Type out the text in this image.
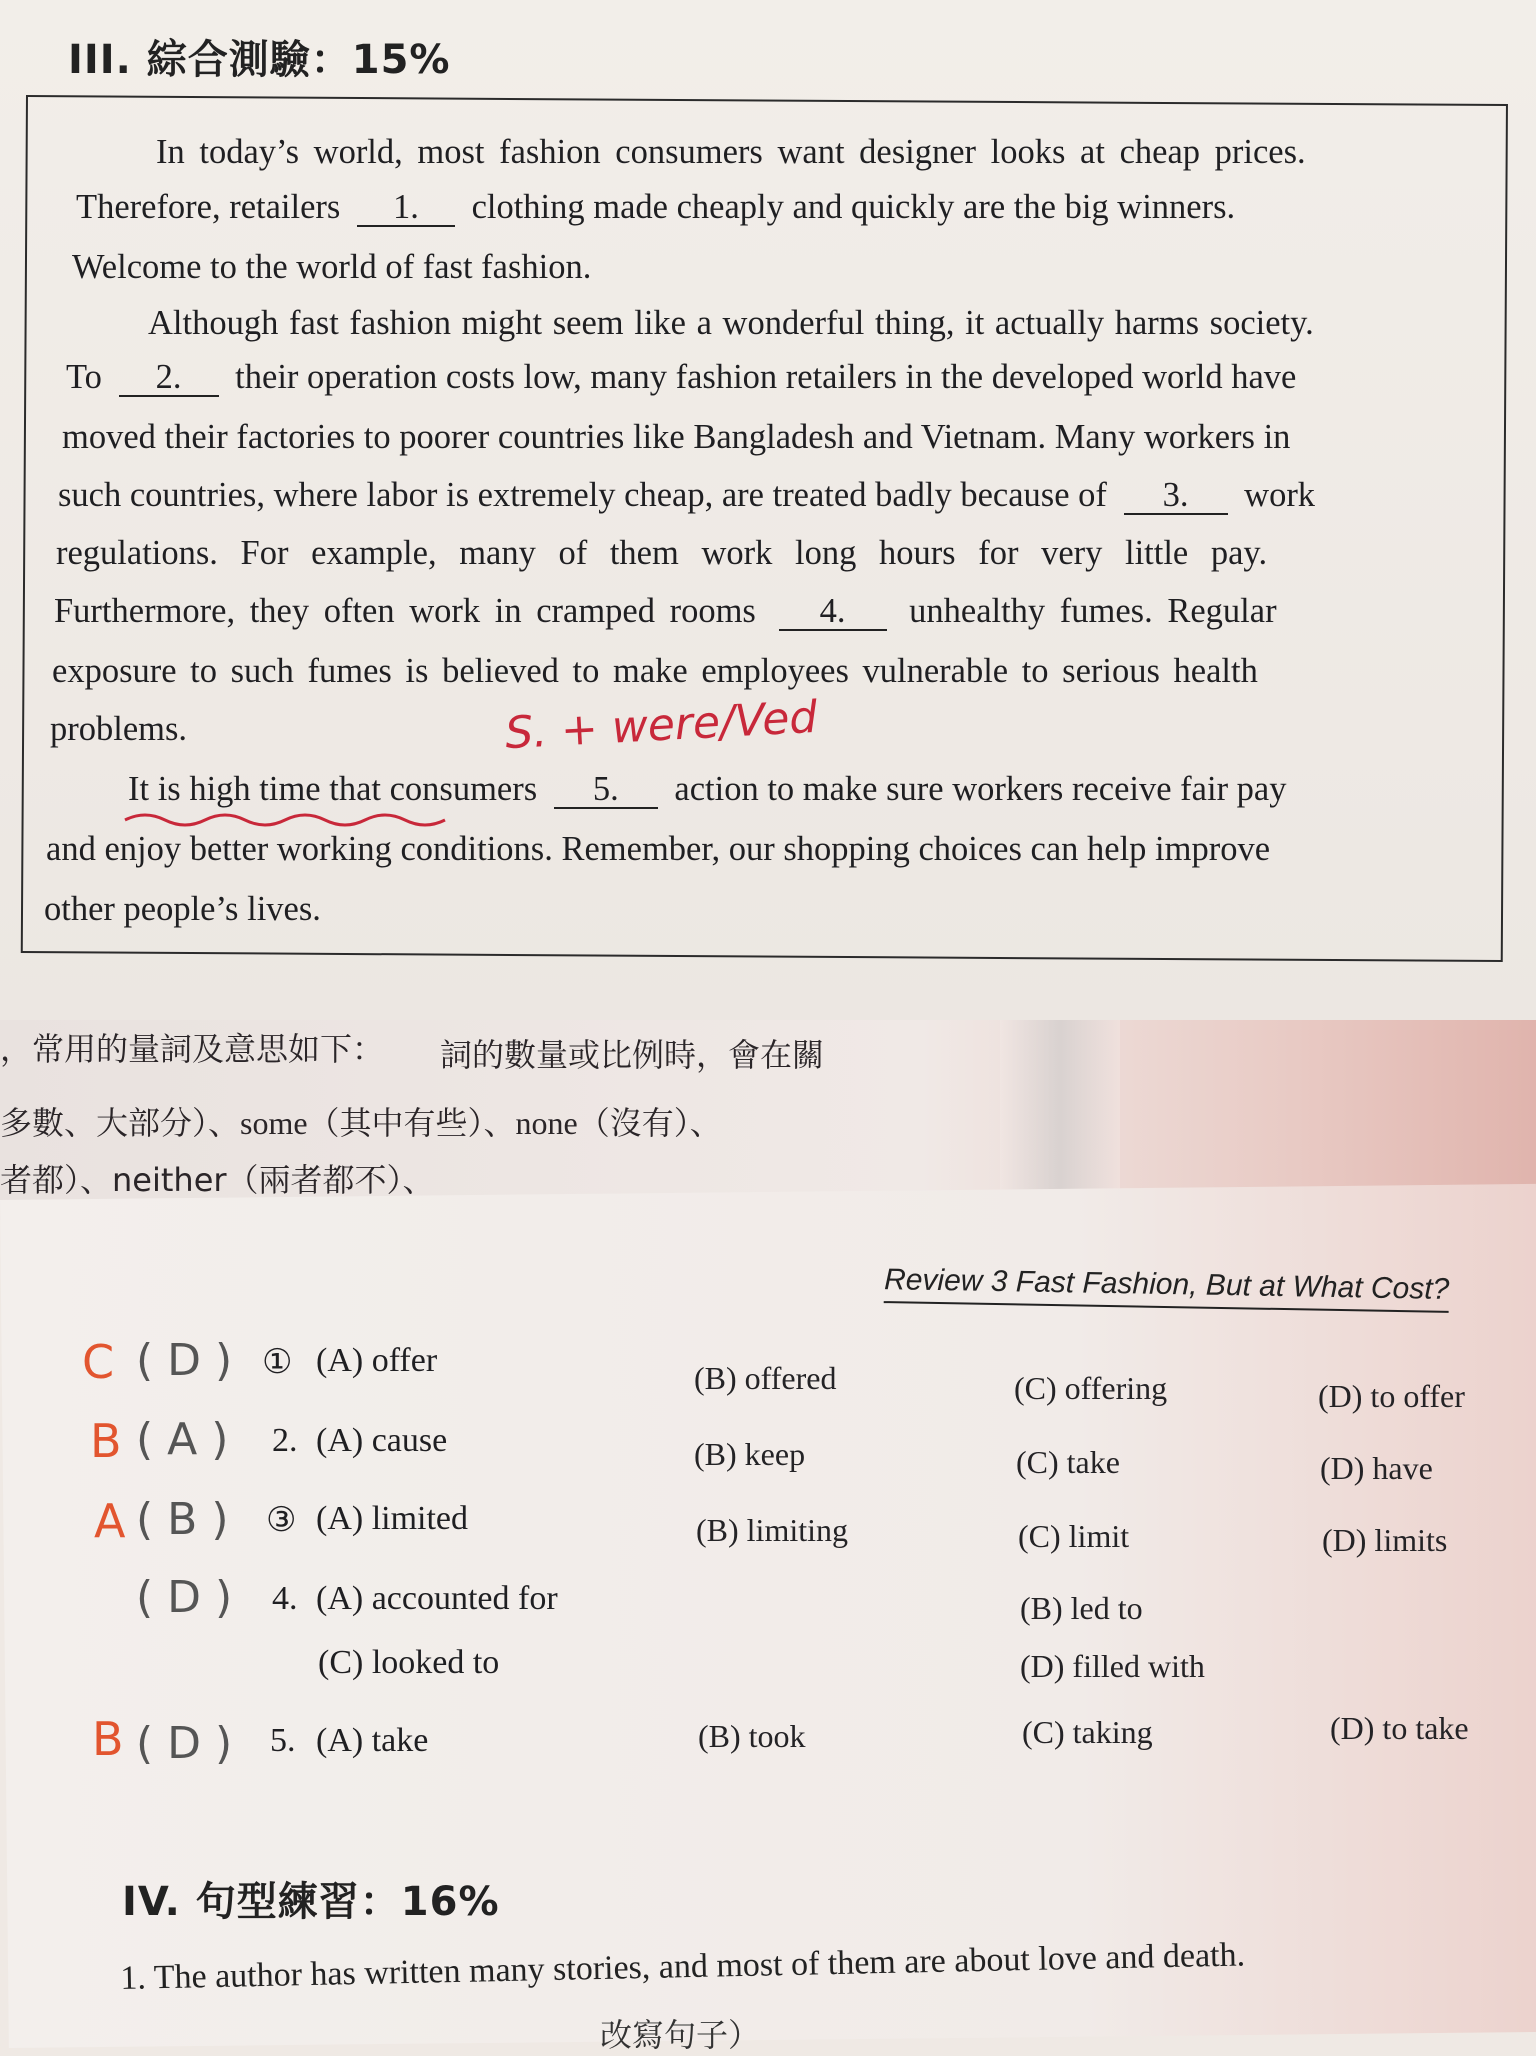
III. 綜合測驗：15%
In today’s world, most fashion consumers want designer looks at cheap prices.
Therefore, retailers 1. clothing made cheaply and quickly are the big winners.
Welcome to the world of fast fashion.
Although fast fashion might seem like a wonderful thing, it actually harms society.
To 2. their operation costs low, many fashion retailers in the developed world have
moved their factories to poorer countries like Bangladesh and Vietnam. Many workers in
such countries, where labor is extremely cheap, are treated badly because of 3. work
regulations. For example, many of them work long hours for very little pay.
Furthermore, they often work in cramped rooms 4. unhealthy fumes. Regular
exposure to such fumes is believed to make employees vulnerable to serious health
problems.	S. + were/Ved
It is high time that consumers 5. action to make sure workers receive fair pay
and enjoy better working conditions. Remember, our shopping choices can help improve
other people’s lives.
，常用的量詞及意思如下： 詞的數量或比例時，會在關
多數、大部分）、some（其中有些）、none（沒有）、
者都）、neither（兩者都不）、
Review 3 Fast Fashion, But at What Cost?
C ( D ) ① (A) offer	(B) offered	(C) offering	(D) to offer
B ( A ) 2. (A) cause	(B) keep	(C) take	(D) have
A ( B ) ③ (A) limited	(B) limiting	(C) limit	(D) limits
( D ) 4. (A) accounted for	(B) led to
(C) looked to	(D) filled with
B ( D ) 5. (A) take	(B) took	(C) taking	(D) to take
IV. 句型練習：16%
1. The author has written many stories, and most of them are about love and death.
改寫句子）
